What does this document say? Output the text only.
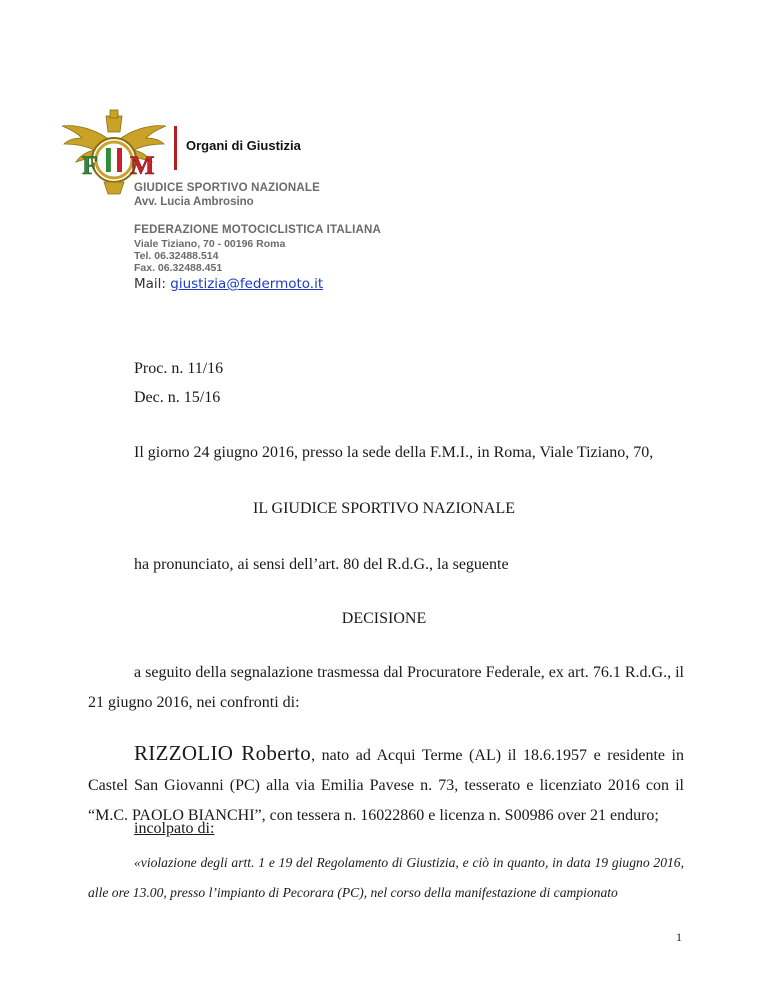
F M
Organi di Giustizia
GIUDICE SPORTIVO NAZIONALE
Avv. Lucia Ambrosino
FEDERAZIONE MOTOCICLISTICA ITALIANA
Viale Tiziano, 70 - 00196 Roma
Tel. 06.32488.514
Fax. 06.32488.451
Mail: giustizia@federmoto.it
Proc. n. 11/16
Dec. n. 15/16
Il giorno 24 giugno 2016, presso la sede della F.M.I., in Roma, Viale Tiziano, 70,
IL GIUDICE SPORTIVO NAZIONALE
ha pronunciato, ai sensi dell’art. 80 del R.d.G., la seguente
DECISIONE
a seguito della segnalazione trasmessa dal Procuratore Federale, ex art. 76.1 R.d.G., il 21 giugno 2016, nei confronti di:
RIZZOLIO Roberto, nato ad Acqui Terme (AL) il 18.6.1957 e residente in Castel San Giovanni (PC) alla via Emilia Pavese n. 73, tesserato e licenziato 2016 con il “M.C. PAOLO BIANCHI”, con tessera n. 16022860 e licenza n. S00986 over 21 enduro;
incolpato di:
«violazione degli artt. 1 e 19 del Regolamento di Giustizia, e ciò in quanto, in data 19 giugno 2016, alle ore 13.00, presso l’impianto di Pecorara (PC), nel corso della manifestazione di campionato
1
